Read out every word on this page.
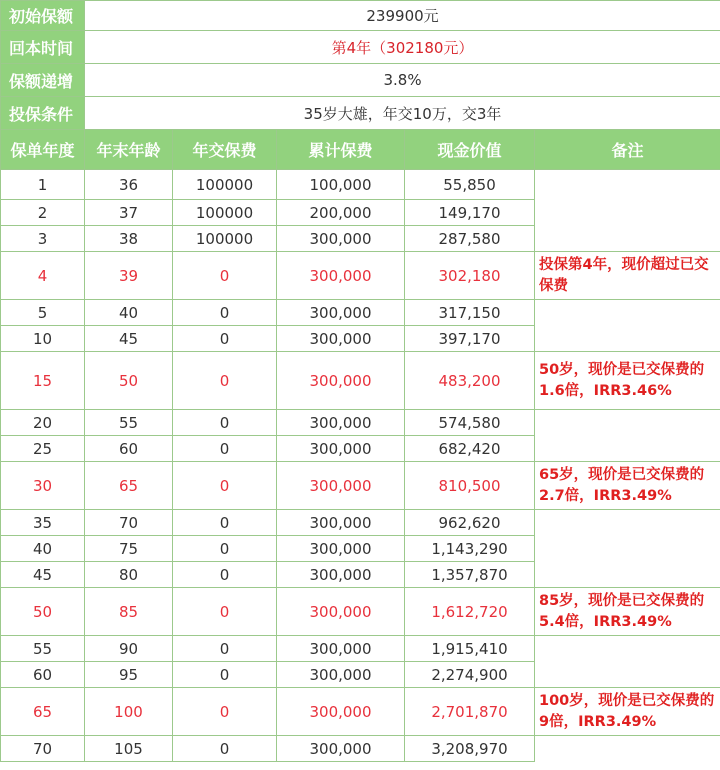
初始保额	239900元				
回本时间	第4年（302180元）				
保额递增	3.8%				
投保条件	35岁大雄，年交10万，交3年				
保单年度	年末年龄	年交保费	累计保费	现金价值	备注
1	36	100000	100,000	55,850	
2	37	100000	200,000	149,170	
3	38	100000	300,000	287,580	
4	39	0	300,000	302,180	投保第4年，现价超过已交保费
5	40	0	300,000	317,150	
10	45	0	300,000	397,170	
15	50	0	300,000	483,200	50岁，现价是已交保费的1.6倍，IRR3.46%
20	55	0	300,000	574,580	
25	60	0	300,000	682,420	
30	65	0	300,000	810,500	65岁，现价是已交保费的2.7倍，IRR3.49%
35	70	0	300,000	962,620	
40	75	0	300,000	1,143,290	
45	80	0	300,000	1,357,870	
50	85	0	300,000	1,612,720	85岁，现价是已交保费的5.4倍，IRR3.49%
55	90	0	300,000	1,915,410	
60	95	0	300,000	2,274,900	
65	100	0	300,000	2,701,870	100岁，现价是已交保费的9倍，IRR3.49%
70	105	0	300,000	3,208,970	
